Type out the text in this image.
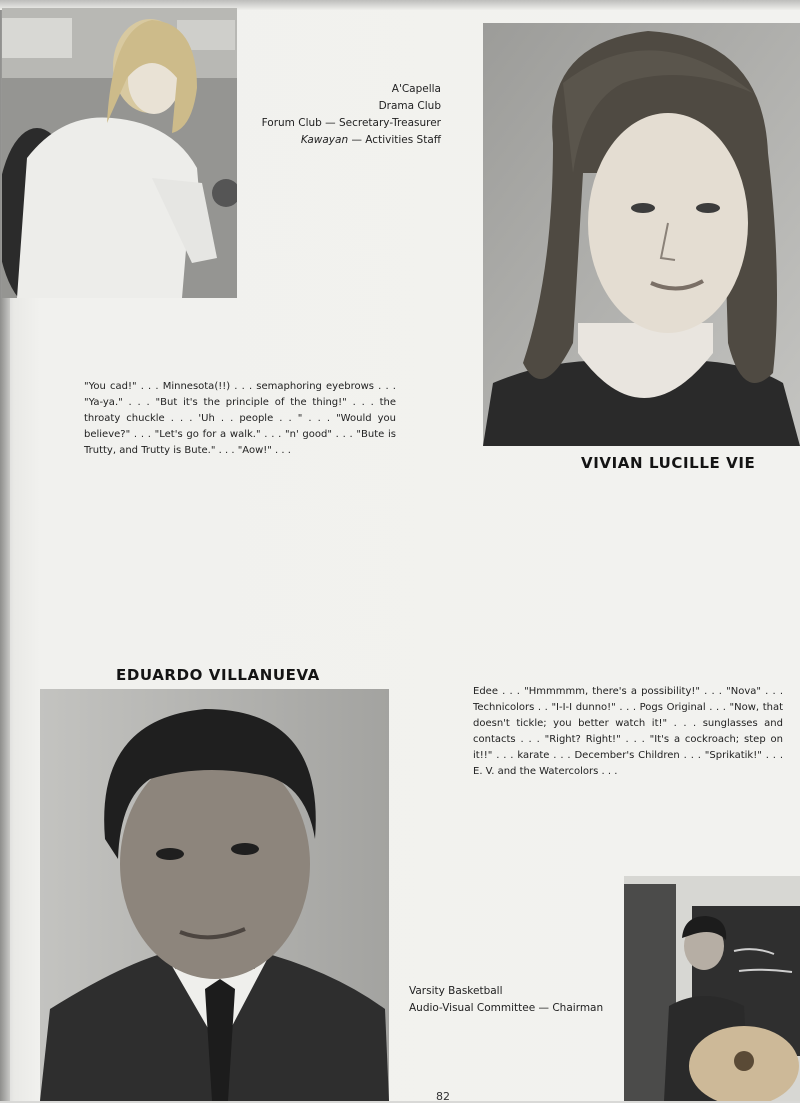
A'Capella
Drama Club
Forum Club — Secretary-Treasurer
Kawayan — Activities Staff
"You cad!" . . . Minnesota(!!) . . . semaphoring eyebrows . . . "Ya-ya." . . . "But it's the principle of the thing!" . . . the throaty chuckle . . . 'Uh . . people . . " . . . "Would you believe?" . . . "Let's go for a walk." . . . "n' good" . . . "Bute is Trutty, and Trutty is Bute." . . . "Aow!" . . .
VIVIAN LUCILLE VIE
EDUARDO VILLANUEVA
Edee . . . "Hmmmmm, there's a possibility!" . . . "Nova" . . . Technicolors . . "I-I-I dunno!" . . . Pogs Original . . . "Now, that doesn't tickle; you better watch it!" . . . sunglasses and contacts . . . "Right? Right!" . . . "It's a cockroach; step on it!!" . . . karate . . . December's Children . . . "Sprikatik!" . . . E. V. and the Watercolors . . .
Varsity Basketball
Audio-Visual Committee — Chairman
82
